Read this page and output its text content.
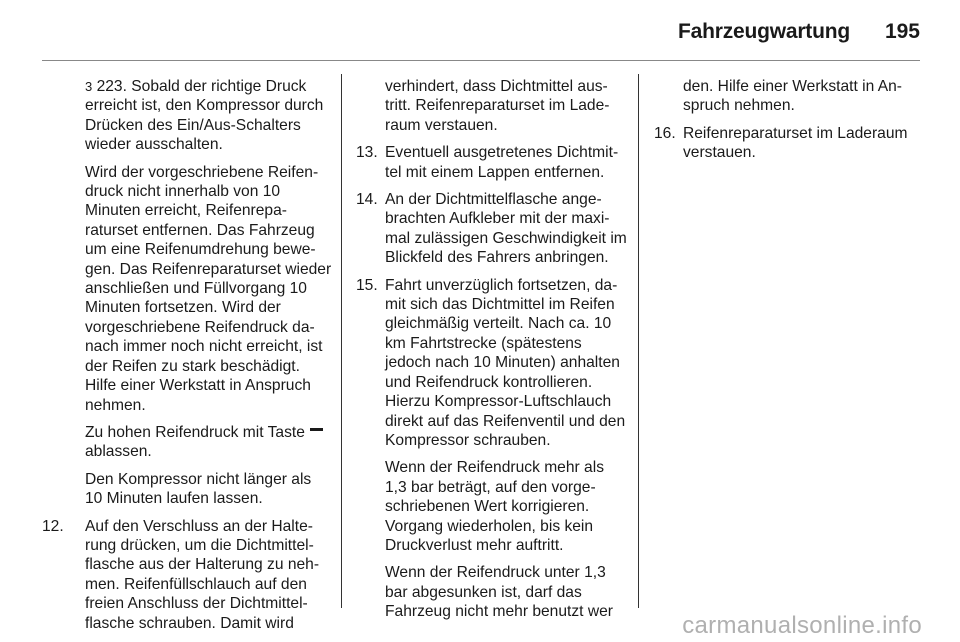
Fahrzeugwartung 195

3 223. Sobald der richtige Druck erreicht ist, den Kompressor durch Drücken des Ein/Aus-Schalters wieder ausschalten.

Wird der vorgeschriebene Reifendruck nicht innerhalb von 10 Minuten erreicht, Reifenreparaturset entfernen. Das Fahrzeug um eine Reifenumdrehung bewegen. Das Reifenreparaturset wieder anschließen und Füllvorgang 10 Minuten fortsetzen. Wird der vorgeschriebene Reifendruck danach immer noch nicht erreicht, ist der Reifen zu stark beschädigt. Hilfe einer Werkstatt in Anspruch nehmen.

Zu hohen Reifendruck mit Taste  ablassen.

Den Kompressor nicht länger als 10 Minuten laufen lassen.

12. Auf den Verschluss an der Halterung drücken, um die Dichtmittelflasche aus der Halterung zu nehmen. Reifenfüllschlauch auf den freien Anschluss der Dichtmittelflasche schrauben. Damit wird

verhindert, dass Dichtmittel austritt. Reifenreparaturset im Laderaum verstauen.

13. Eventuell ausgetretenes Dichtmittel mit einem Lappen entfernen.

14. An der Dichtmittelflasche angebrachten Aufkleber mit der maximal zulässigen Geschwindigkeit im Blickfeld des Fahrers anbringen.

15. Fahrt unverzüglich fortsetzen, damit sich das Dichtmittel im Reifen gleichmäßig verteilt. Nach ca. 10 km Fahrtstrecke (spätestens jedoch nach 10 Minuten) anhalten und Reifendruck kontrollieren. Hierzu Kompressor-Luftschlauch direkt auf das Reifenventil und den Kompressor schrauben.

Wenn der Reifendruck mehr als 1,3 bar beträgt, auf den vorgeschriebenen Wert korrigieren. Vorgang wiederholen, bis kein Druckverlust mehr auftritt.

Wenn der Reifendruck unter 1,3 bar abgesunken ist, darf das Fahrzeug nicht mehr benutzt wer

den. Hilfe einer Werkstatt in Anspruch nehmen.

16. Reifenreparaturset im Laderaum verstauen.

carmanualsonline.info
